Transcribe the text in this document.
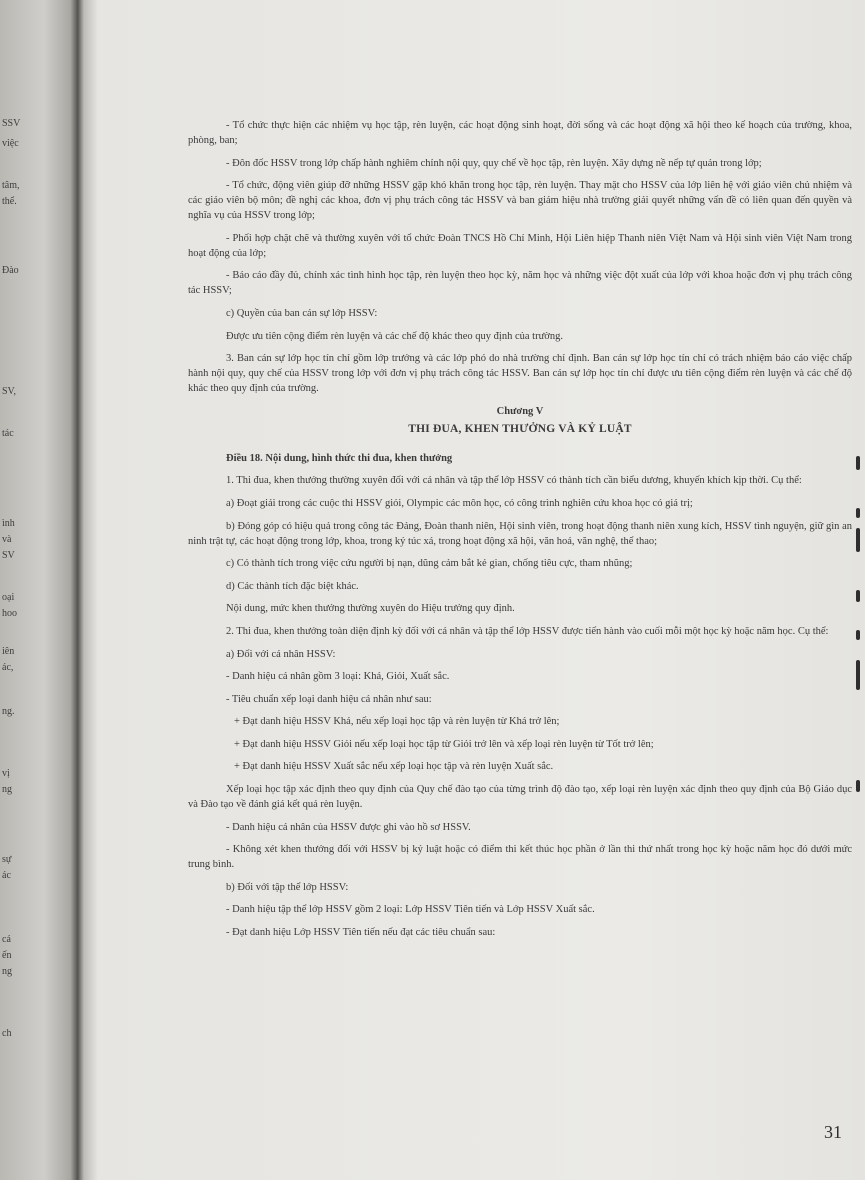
SSV
việc
tâm,
thể.
Đào
SV,
tác
ình
và
SV
oại
hoo
iên
ác,
ng.
vị
ng
sự
ác
cá
ến
ng
ch

- Tổ chức thực hiện các nhiệm vụ học tập, rèn luyện, các hoạt động sinh hoạt, đời sống và các hoạt động xã hội theo kế hoạch của trường, khoa, phòng, ban;

- Đôn đốc HSSV trong lớp chấp hành nghiêm chỉnh nội quy, quy chế về học tập, rèn luyện. Xây dựng nề nếp tự quản trong lớp;

- Tổ chức, động viên giúp đỡ những HSSV gặp khó khăn trong học tập, rèn luyện. Thay mặt cho HSSV của lớp liên hệ với giáo viên chủ nhiệm và các giáo viên bộ môn; đề nghị các khoa, đơn vị phụ trách công tác HSSV và ban giám hiệu nhà trường giải quyết những vấn đề có liên quan đến quyền và nghĩa vụ của HSSV trong lớp;

- Phối hợp chặt chẽ và thường xuyên với tổ chức Đoàn TNCS Hồ Chí Minh, Hội Liên hiệp Thanh niên Việt Nam và Hội sinh viên Việt Nam trong hoạt động của lớp;

- Báo cáo đầy đủ, chính xác tình hình học tập, rèn luyện theo học kỳ, năm học và những việc đột xuất của lớp với khoa hoặc đơn vị phụ trách công tác HSSV;

c) Quyền của ban cán sự lớp HSSV:

Được ưu tiên cộng điểm rèn luyện và các chế độ khác theo quy định của trường.

3. Ban cán sự lớp học tín chỉ gồm lớp trưởng và các lớp phó do nhà trường chỉ định. Ban cán sự lớp học tín chỉ có trách nhiệm báo cáo việc chấp hành nội quy, quy chế của HSSV trong lớp với đơn vị phụ trách công tác HSSV. Ban cán sự lớp học tín chỉ được ưu tiên cộng điểm rèn luyện và các chế độ khác theo quy định của trường.

Chương V
THI ĐUA, KHEN THƯỞNG VÀ KỶ LUẬT

Điều 18. Nội dung, hình thức thi đua, khen thưởng

1. Thi đua, khen thưởng thường xuyên đối với cá nhân và tập thể lớp HSSV có thành tích cần biểu dương, khuyến khích kịp thời. Cụ thể:

a) Đoạt giải trong các cuộc thi HSSV giỏi, Olympic các môn học, có công trình nghiên cứu khoa học có giá trị;

b) Đóng góp có hiệu quả trong công tác Đảng, Đoàn thanh niên, Hội sinh viên, trong hoạt động thanh niên xung kích, HSSV tình nguyện, giữ gìn an ninh trật tự, các hoạt động trong lớp, khoa, trong ký túc xá, trong hoạt động xã hội, văn hoá, văn nghệ, thể thao;

c) Có thành tích trong việc cứu người bị nạn, dũng cảm bắt kẻ gian, chống tiêu cực, tham nhũng;

d) Các thành tích đặc biệt khác.

Nội dung, mức khen thưởng thường xuyên do Hiệu trưởng quy định.

2. Thi đua, khen thưởng toàn diện định kỳ đối với cá nhân và tập thể lớp HSSV được tiến hành vào cuối mỗi một học kỳ hoặc năm học. Cụ thể:

a) Đối với cá nhân HSSV:

- Danh hiệu cá nhân gồm 3 loại: Khá, Giỏi, Xuất sắc.

- Tiêu chuẩn xếp loại danh hiệu cá nhân như sau:

+ Đạt danh hiệu HSSV Khá, nếu xếp loại học tập và rèn luyện từ Khá trở lên;

+ Đạt danh hiệu HSSV Giỏi nếu xếp loại học tập từ Giỏi trở lên và xếp loại rèn luyện từ Tốt trở lên;

+ Đạt danh hiệu HSSV Xuất sắc nếu xếp loại học tập và rèn luyện Xuất sắc.

Xếp loại học tập xác định theo quy định của Quy chế đào tạo của từng trình độ đào tạo, xếp loại rèn luyện xác định theo quy định của Bộ Giáo dục và Đào tạo về đánh giá kết quả rèn luyện.

- Danh hiệu cá nhân của HSSV được ghi vào hồ sơ HSSV.

- Không xét khen thưởng đối với HSSV bị kỷ luật hoặc có điểm thi kết thúc học phần ở lần thi thứ nhất trong học kỳ hoặc năm học đó dưới mức trung bình.

b) Đối với tập thể lớp HSSV:

- Danh hiệu tập thể lớp HSSV gồm 2 loại: Lớp HSSV Tiên tiến và Lớp HSSV Xuất sắc.

- Đạt danh hiệu Lớp HSSV Tiên tiến nếu đạt các tiêu chuẩn sau:

31
